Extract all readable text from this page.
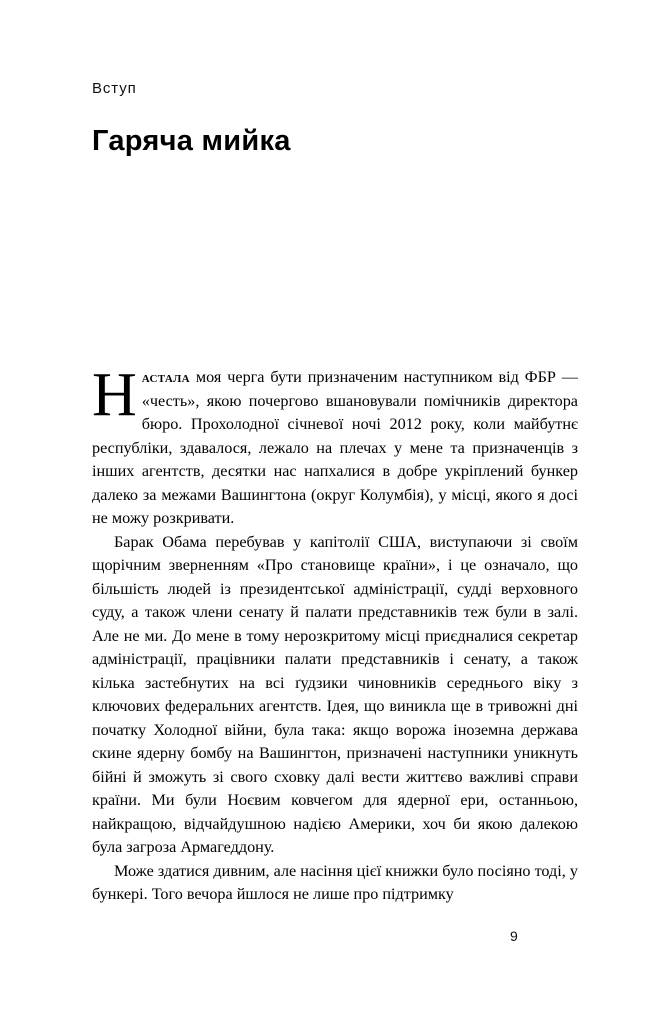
Вступ
Гаряча мийка

Настала моя черга бути призначеним наступником від ФБР — «честь», якою почергово вшановували помічників директора бюро. Прохолодної січневої ночі 2012 року, коли майбутнє республіки, здавалося, лежало на плечах у мене та призначенців з інших агентств, десятки нас напхалися в добре укріплений бункер далеко за межами Вашингтона (округ Колумбія), у місці, якого я досі не можу розкривати.

Барак Обама перебував у капітолії США, виступаючи зі своїм щорічним зверненням «Про становище країни», і це означало, що більшість людей із президентської адміністрації, судді верховного суду, а також члени сенату й палати представників теж були в залі. Але не ми. До мене в тому нерозкритому місці приєдналися секретар адміністрації, працівники палати представників і сенату, а також кілька застебнутих на всі ґудзики чиновників середнього віку з ключових федеральних агентств. Ідея, що виникла ще в тривожні дні початку Холодної війни, була така: якщо ворожа іноземна держава скине ядерну бомбу на Вашингтон, призначені наступники уникнуть бійні й зможуть зі свого сховку далі вести життєво важливі справи країни. Ми були Ноєвим ковчегом для ядерної ери, останньою, найкращою, відчайдушною надією Америки, хоч би якою далекою була загроза Армагеддону.

Може здатися дивним, але насіння цієї книжки було посіяно тоді, у бункері. Того вечора йшлося не лише про підтримку

9
